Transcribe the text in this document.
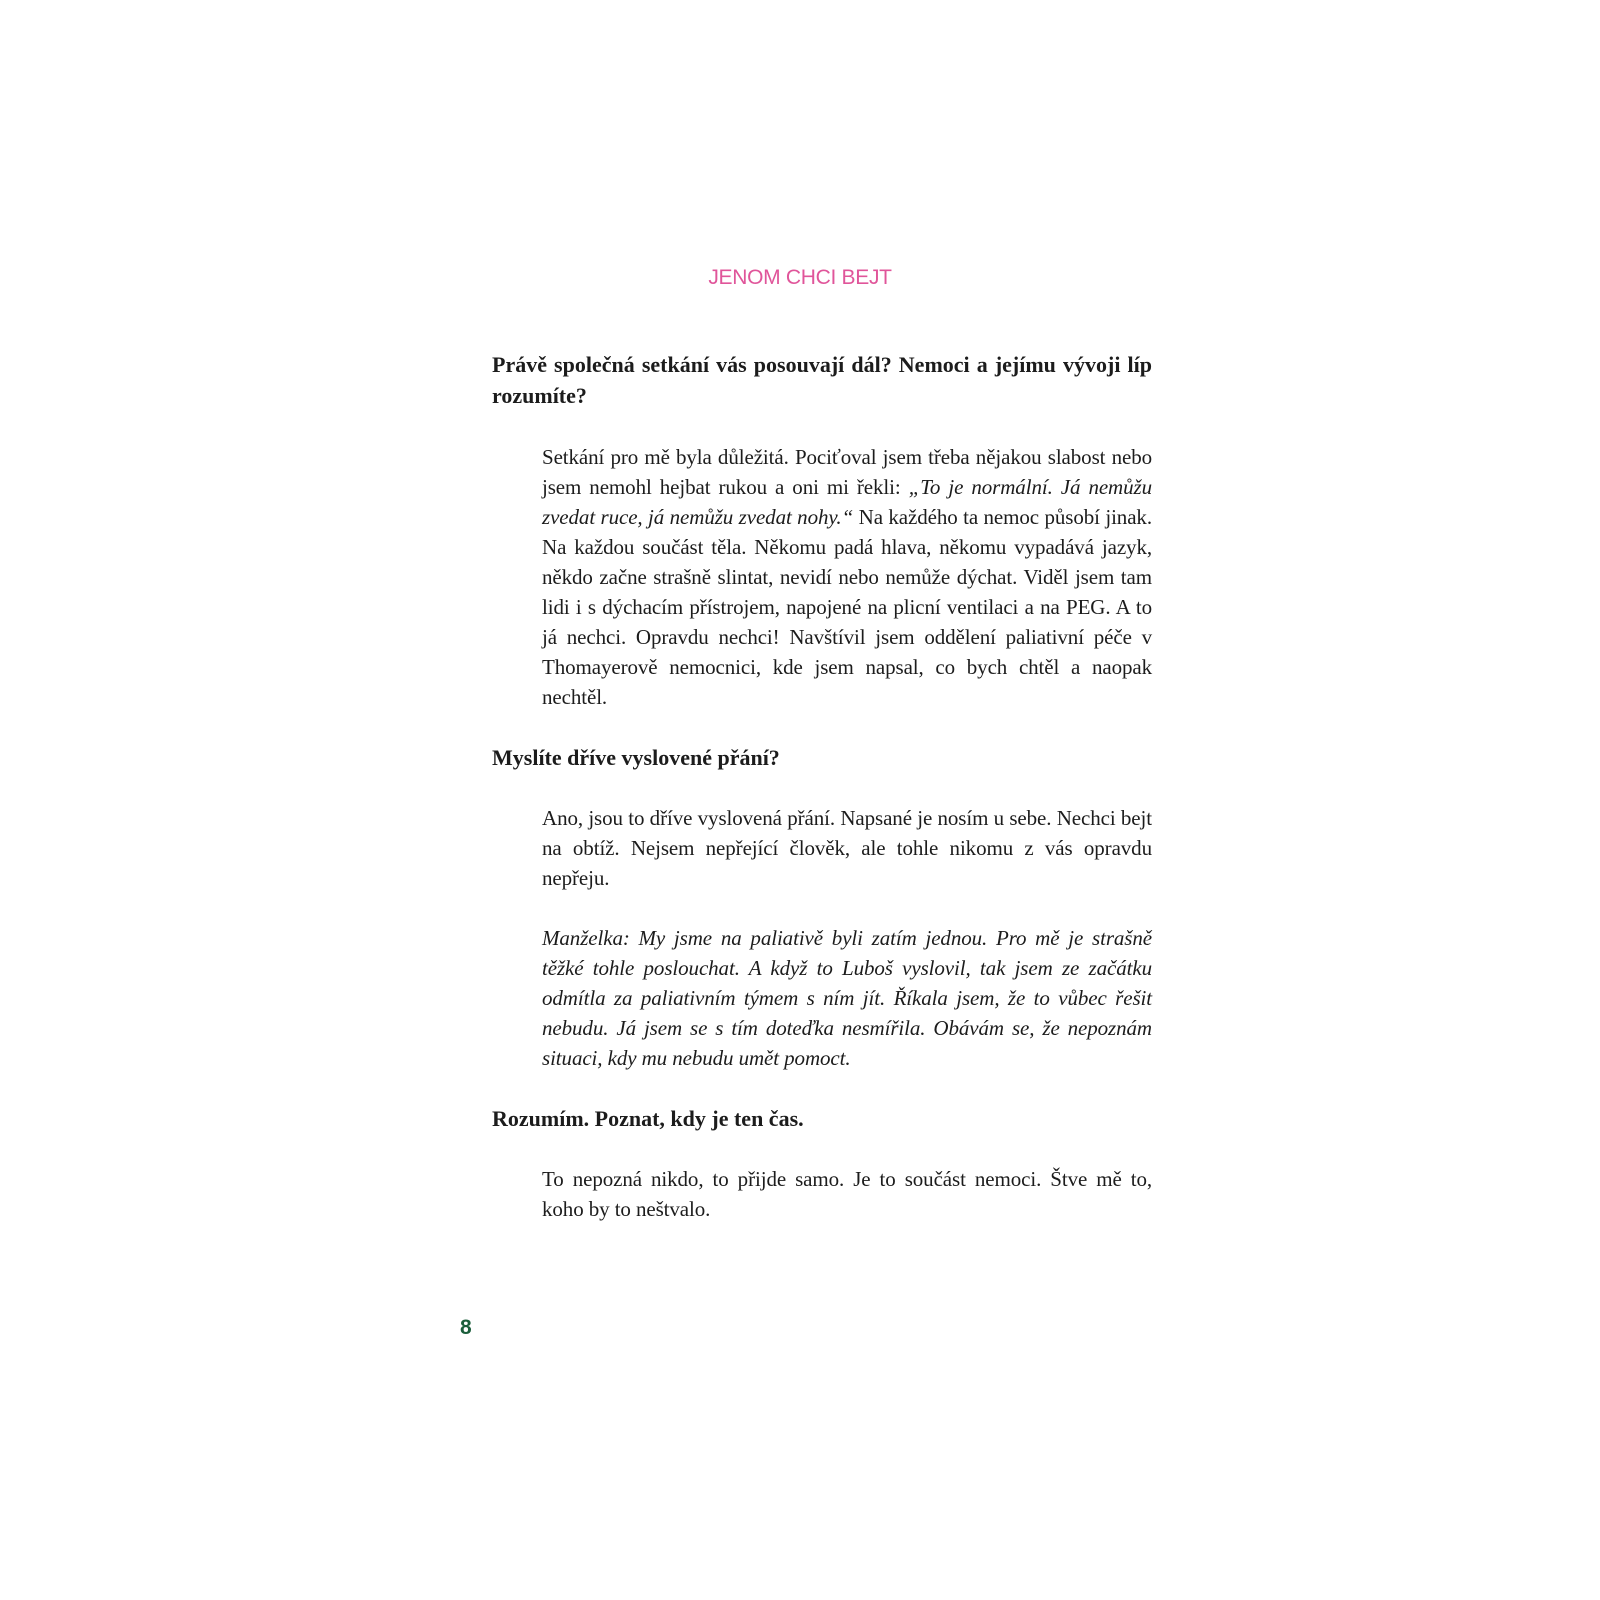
JENOM CHCI BEJT

Právě společná setkání vás posouvají dál? Nemoci a jejímu vývoji líp rozumíte?

Setkání pro mě byla důležitá. Pociťoval jsem třeba nějakou slabost nebo jsem nemohl hejbat rukou a oni mi řekli: „To je normální. Já nemůžu zvedat ruce, já nemůžu zvedat nohy.“ Na každého ta nemoc působí jinak. Na každou součást těla. Někomu padá hlava, někomu vypadává jazyk, někdo začne strašně slintat, nevidí nebo nemůže dýchat. Viděl jsem tam lidi i s dýchacím přístrojem, napojené na plicní ventilaci a na PEG. A to já nechci. Opravdu nechci! Navštívil jsem oddělení paliativní péče v Thomayerově nemocnici, kde jsem napsal, co bych chtěl a naopak nechtěl.

Myslíte dříve vyslovené přání?

Ano, jsou to dříve vyslovená přání. Napsané je nosím u sebe. Nechci bejt na obtíž. Nejsem nepřející člověk, ale tohle nikomu z vás opravdu nepřeju.

Manželka: My jsme na paliativě byli zatím jednou. Pro mě je strašně těžké tohle poslouchat. A když to Luboš vyslovil, tak jsem ze začátku odmítla za paliativním týmem s ním jít. Říkala jsem, že to vůbec řešit nebudu. Já jsem se s tím doteďka nesmířila. Obávám se, že nepoznám situaci, kdy mu nebudu umět pomoct.

Rozumím. Poznat, kdy je ten čas.

To nepozná nikdo, to přijde samo. Je to součást nemoci. Štve mě to, koho by to neštvalo.

8
